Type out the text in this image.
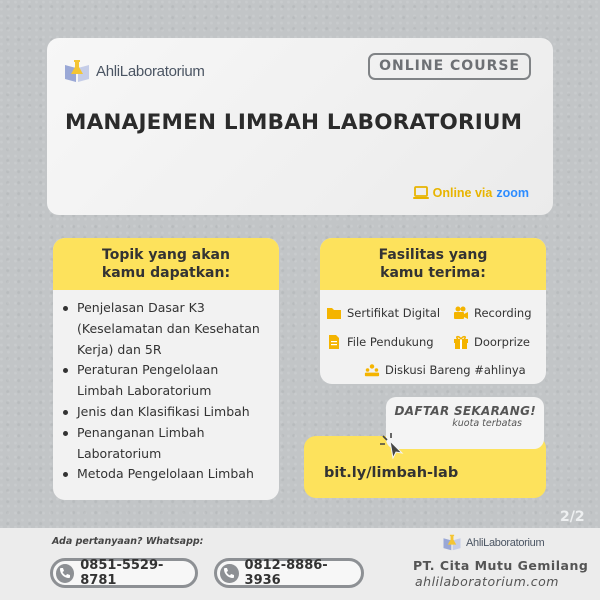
AhliLaboratorium	ONLINE COURSE
MANAJEMEN LIMBAH LABORATORIUM
Online via zoom
Topik yang akan
kamu dapatkan:
Penjelasan Dasar K3
(Keselamatan dan Kesehatan
Kerja) dan 5R
Peraturan Pengelolaan
Limbah Laboratorium
Jenis dan Klasifikasi Limbah
Penanganan Limbah
Laboratorium
Metoda Pengelolaan Limbah
Fasilitas yang
kamu terima:
Sertifikat Digital	Recording
File Pendukung	Doorprize
Diskusi Bareng #ahlinya
bit.ly/limbah-lab
DAFTAR SEKARANG!
kuota terbatas
2/2
Ada pertanyaan? Whatsapp:
0851-5529-8781
0812-8886-3936
AhliLaboratorium
PT. Cita Mutu Gemilang
ahlilaboratorium.com
